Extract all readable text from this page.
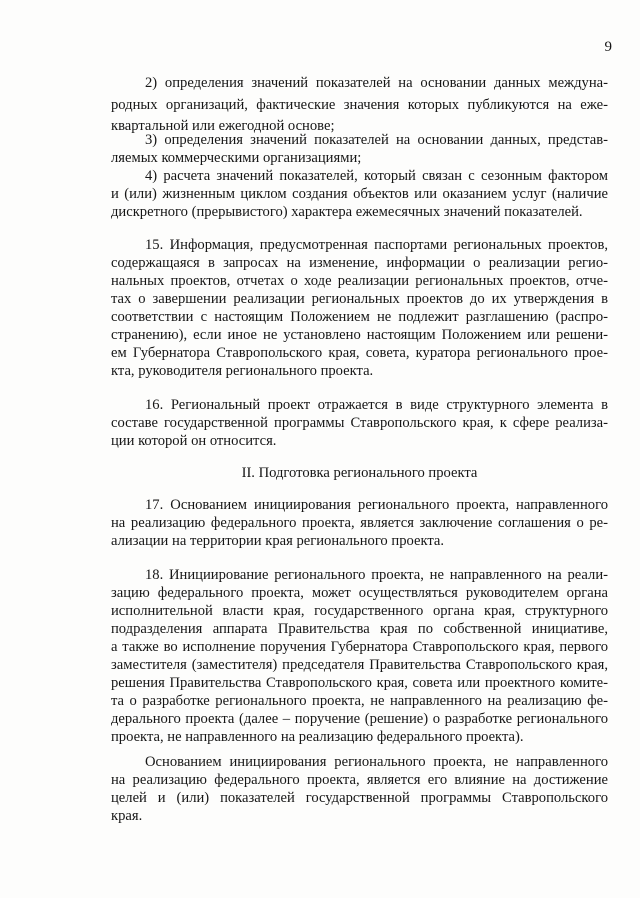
9
2) определения значений показателей на основании данных междуна-
родных организаций, фактические значения которых публикуются на еже-
квартальной или ежегодной основе;
3) определения значений показателей на основании данных, представ-
ляемых коммерческими организациями;
4) расчета значений показателей, который связан с сезонным фактором
и (или) жизненным циклом создания объектов или оказанием услуг (наличие
дискретного (прерывистого) характера ежемесячных значений показателей.
15. Информация, предусмотренная паспортами региональных проектов,
содержащаяся в запросах на изменение, информации о реализации регио-
нальных проектов, отчетах о ходе реализации региональных проектов, отче-
тах о завершении реализации региональных проектов до их утверждения в
соответствии с настоящим Положением не подлежит разглашению (распро-
странению), если иное не установлено настоящим Положением или решени-
ем Губернатора Ставропольского края, совета, куратора регионального прое-
кта, руководителя регионального проекта.
16. Региональный проект отражается в виде структурного элемента в
составе государственной программы Ставропольского края, к сфере реализа-
ции которой он относится.
II. Подготовка регионального проекта
17. Основанием инициирования регионального проекта, направленного
на реализацию федерального проекта, является заключение соглашения о ре-
ализации на территории края регионального проекта.
18. Инициирование регионального проекта, не направленного на реали-
зацию федерального проекта, может осуществляться руководителем органа
исполнительной власти края, государственного органа края, структурного
подразделения аппарата Правительства края по собственной инициативе,
а также во исполнение поручения Губернатора Ставропольского края, первого
заместителя (заместителя) председателя Правительства Ставропольского края,
решения Правительства Ставропольского края, совета или проектного комите-
та о разработке регионального проекта, не направленного на реализацию фе-
дерального проекта (далее – поручение (решение) о разработке регионального
проекта, не направленного на реализацию федерального проекта).
Основанием инициирования регионального проекта, не направленного
на реализацию федерального проекта, является его влияние на достижение
целей и (или) показателей государственной программы Ставропольского
края.
